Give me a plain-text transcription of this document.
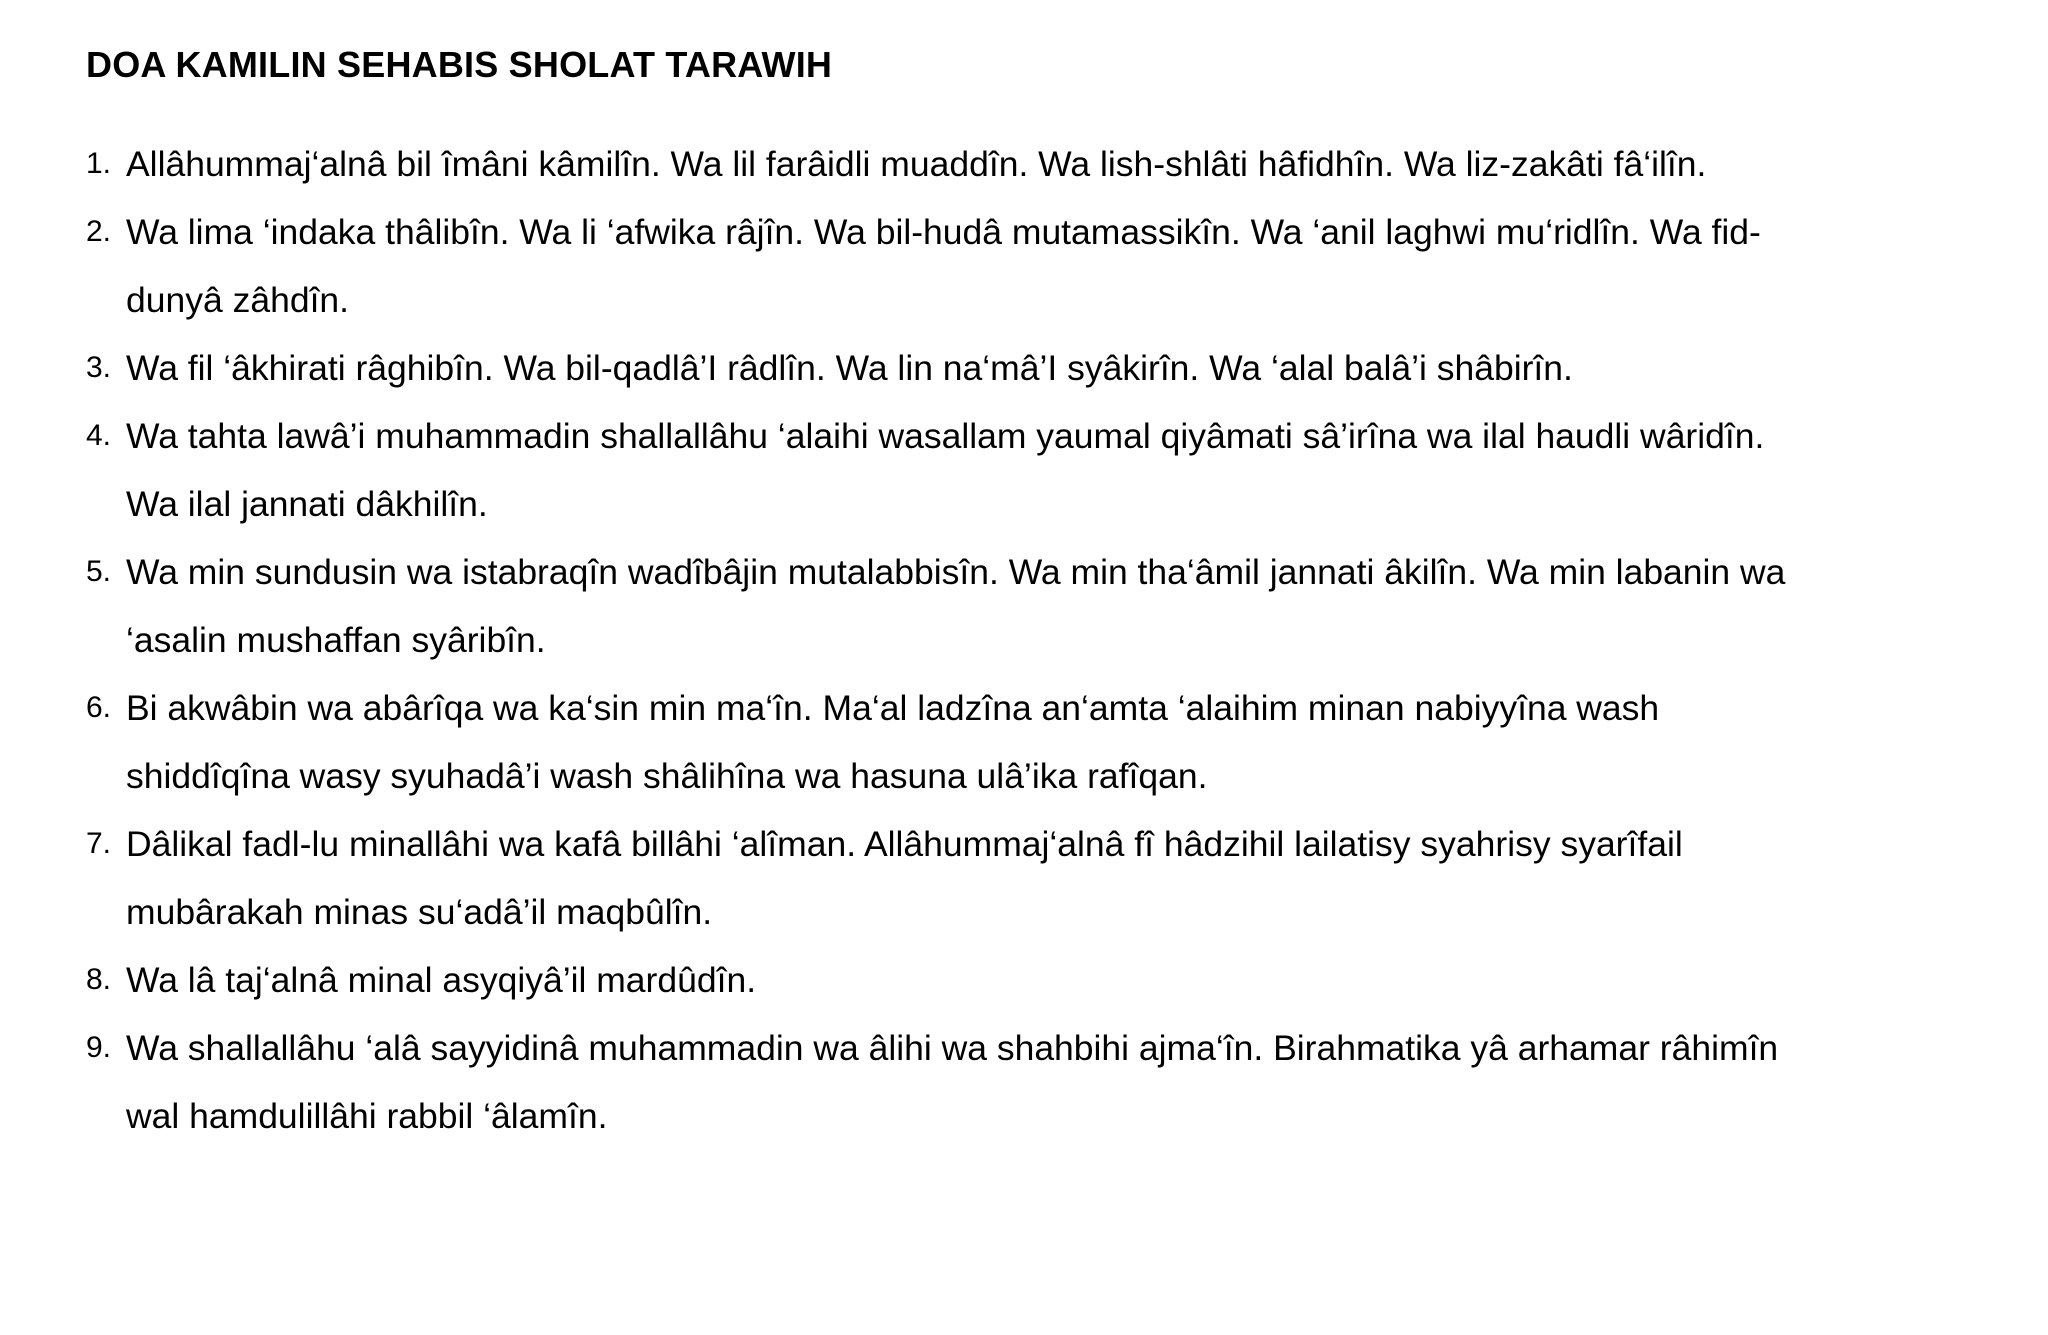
DOA KAMILIN SEHABIS SHOLAT TARAWIH
1. Allâhummaj‘alnâ bil îmâni kâmilîn. Wa lil farâidli muaddîn. Wa lish-shlâti hâfidhîn. Wa liz-zakâti fâ‘ilîn.
2. Wa lima ‘indaka thâlibîn. Wa li ‘afwika râjîn. Wa bil-hudâ mutamassikîn. Wa ‘anil laghwi mu‘ridlîn. Wa fid-
dunyâ zâhdîn.
3. Wa fil ‘âkhirati râghibîn. Wa bil-qadlâ’I râdlîn. Wa lin na‘mâ’I syâkirîn. Wa ‘alal balâ’i shâbirîn.
4. Wa tahta lawâ’i muhammadin shallallâhu ‘alaihi wasallam yaumal qiyâmati sâ’irîna wa ilal haudli wâridîn.
Wa ilal jannati dâkhilîn.
5. Wa min sundusin wa istabraqîn wadîbâjin mutalabbisîn. Wa min tha‘âmil jannati âkilîn. Wa min labanin wa
‘asalin mushaffan syâribîn.
6. Bi akwâbin wa abârîqa wa ka‘sin min ma‘în. Ma‘al ladzîna an‘amta ‘alaihim minan nabiyyîna wash
shiddîqîna wasy syuhadâ’i wash shâlihîna wa hasuna ulâ’ika rafîqan.
7. Dâlikal fadl-lu minallâhi wa kafâ billâhi ‘alîman. Allâhummaj‘alnâ fî hâdzihil lailatisy syahrisy syarîfail
mubârakah minas su‘adâ’il maqbûlîn.
8. Wa lâ taj‘alnâ minal asyqiyâ’il mardûdîn.
9. Wa shallallâhu ‘alâ sayyidinâ muhammadin wa âlihi wa shahbihi ajma‘în. Birahmatika yâ arhamar râhimîn
wal hamdulillâhi rabbil ‘âlamîn.
